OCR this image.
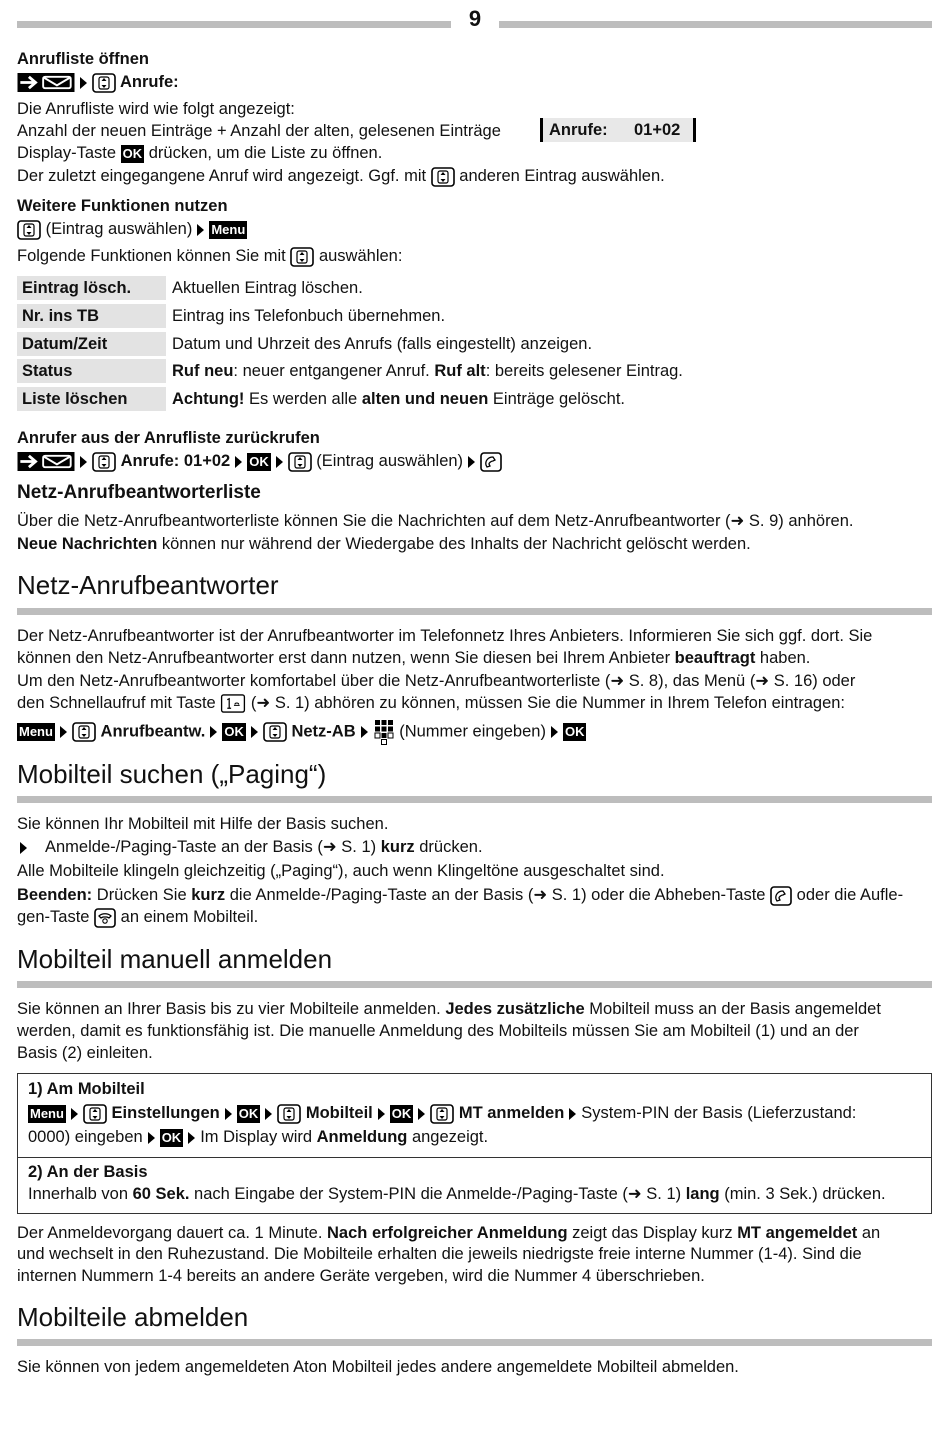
9
Anrufliste öffnen
Anrufe:
Die Anrufliste wird wie folgt angezeigt:
Anzahl der neuen Einträge + Anzahl der alten, gelesenen Einträge	Anrufe: 01+02
Display-Taste OK drücken, um die Liste zu öffnen.
Der zuletzt eingegangene Anruf wird angezeigt. Ggf. mit anderen Eintrag auswählen.
Weitere Funktionen nutzen
(Eintrag auswählen) Menu
Folgende Funktionen können Sie mit auswählen:
Eintrag lösch.	Aktuellen Eintrag löschen.
Nr. ins TB	Eintrag ins Telefonbuch übernehmen.
Datum/Zeit	Datum und Uhrzeit des Anrufs (falls eingestellt) anzeigen.
Status	Ruf neu: neuer entgangener Anruf. Ruf alt: bereits gelesener Eintrag.
Liste löschen	Achtung! Es werden alle alten und neuen Einträge gelöscht.
Anrufer aus der Anrufliste zurückrufen
Anrufe: 01+02 OK	(Eintrag auswählen)
Netz-Anrufbeantworterliste
Über die Netz-Anrufbeantworterliste können Sie die Nachrichten auf dem Netz-Anrufbeantworter (➜ S. 9) anhören.
Neue Nachrichten können nur während der Wiedergabe des Inhalts der Nachricht gelöscht werden.
Netz-Anrufbeantworter
Der Netz-Anrufbeantworter ist der Anrufbeantworter im Telefonnetz Ihres Anbieters. Informieren Sie sich ggf. dort. Sie
können den Netz-Anrufbeantworter erst dann nutzen, wenn Sie diesen bei Ihrem Anbieter beauftragt haben.
Um den Netz-Anrufbeantworter komfortabel über die Netz-Anrufbeantworterliste (➜ S. 8), das Menü (➜ S. 16) oder
den Schnellaufruf mit Taste (➜ S. 1) abhören zu können, müssen Sie die Nummer in Ihrem Telefon eintragen:
Menu	Anrufbeantw. OK	Netz-AB	(Nummer eingeben) OK
Mobilteil suchen („Paging“)
Sie können Ihr Mobilteil mit Hilfe der Basis suchen.
Anmelde-/Paging-Taste an der Basis (➜ S. 1) kurz drücken.
Alle Mobilteile klingeln gleichzeitig („Paging“), auch wenn Klingeltöne ausgeschaltet sind.
Beenden: Drücken Sie kurz die Anmelde-/Paging-Taste an der Basis (➜ S. 1) oder die Abheben-Taste oder die Aufle-
gen-Taste an einem Mobilteil.
Mobilteil manuell anmelden
Sie können an Ihrer Basis bis zu vier Mobilteile anmelden. Jedes zusätzliche Mobilteil muss an der Basis angemeldet
werden, damit es funktionsfähig ist. Die manuelle Anmeldung des Mobilteils müssen Sie am Mobilteil (1) und an der
Basis (2) einleiten.
1) Am Mobilteil
Menu	Einstellungen OK	Mobilteil OK	MT anmelden System-PIN der Basis (Lieferzustand:
0000) eingeben OK Im Display wird Anmeldung angezeigt.
2) An der Basis
Innerhalb von 60 Sek. nach Eingabe der System-PIN die Anmelde-/Paging-Taste (➜ S. 1) lang (min. 3 Sek.) drücken.
Der Anmeldevorgang dauert ca. 1 Minute. Nach erfolgreicher Anmeldung zeigt das Display kurz MT angemeldet an
und wechselt in den Ruhezustand. Die Mobilteile erhalten die jeweils niedrigste freie interne Nummer (1-4). Sind die
internen Nummern 1-4 bereits an andere Geräte vergeben, wird die Nummer 4 überschrieben.
Mobilteile abmelden
Sie können von jedem angemeldeten Aton Mobilteil jedes andere angemeldete Mobilteil abmelden.
